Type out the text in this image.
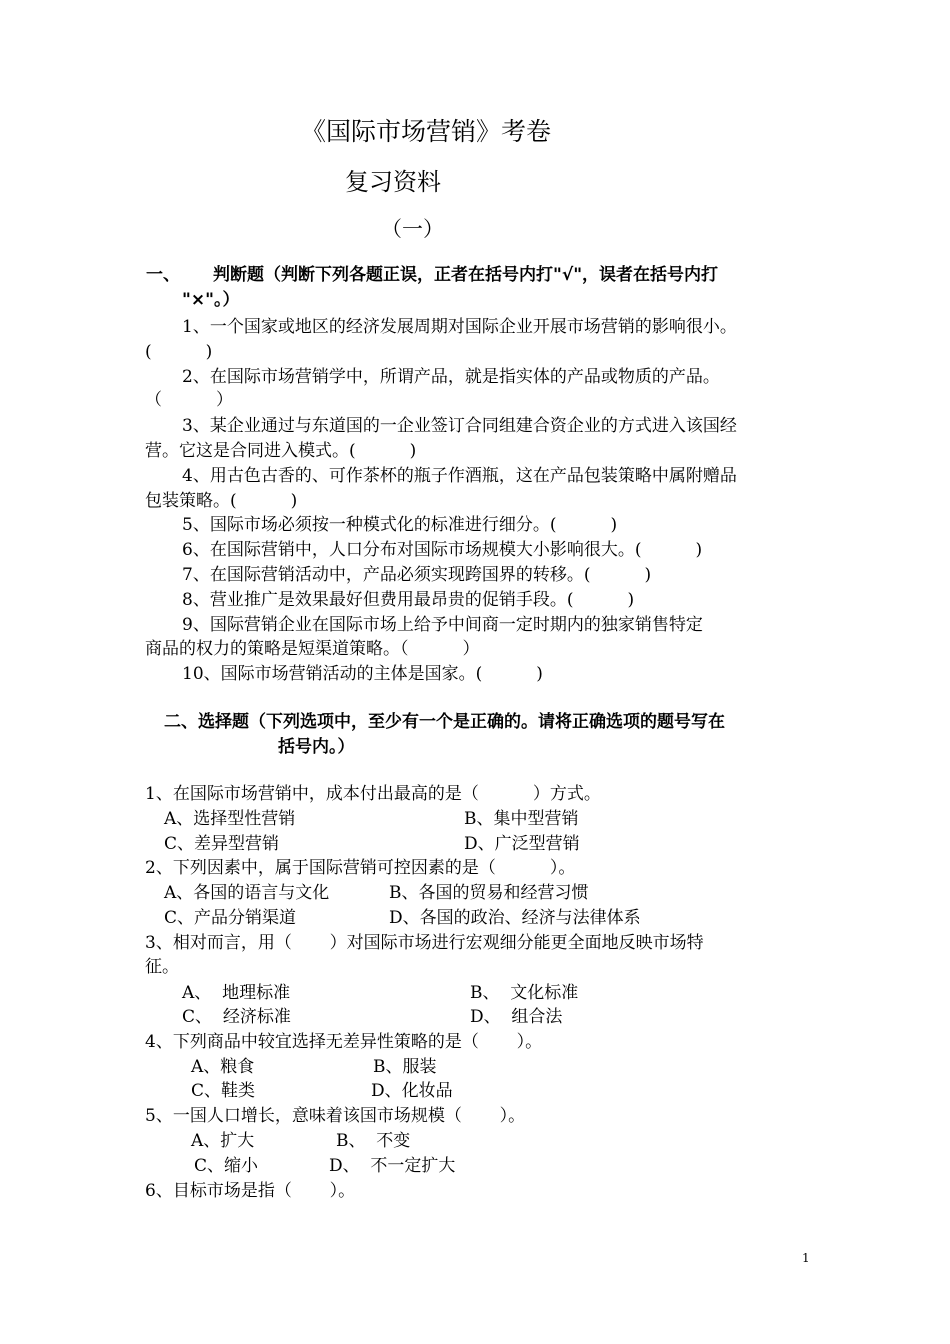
《国际市场营销》考卷
复习资料
（一）
一、 判断题（判断下列各题正误，正者在括号内打"√"，误者在括号内打
"×"。）
1、一个国家或地区的经济发展周期对国际企业开展市场营销的影响很小。
(          )
2、在国际市场营销学中，所谓产品，就是指实体的产品或物质的产品。
（          ）
3、某企业通过与东道国的一企业签订合同组建合资企业的方式进入该国经
营。它这是合同进入模式。(          )
4、用古色古香的、可作茶杯的瓶子作酒瓶，这在产品包装策略中属附赠品
包装策略。(          )
5、国际市场必须按一种模式化的标准进行细分。(          )
6、在国际营销中，人口分布对国际市场规模大小影响很大。(          )
7、在国际营销活动中，产品必须实现跨国界的转移。(          )
8、营业推广是效果最好但费用最昂贵的促销手段。(          )
9、国际营销企业在国际市场上给予中间商一定时期内的独家销售特定
商品的权力的策略是短渠道策略。（          ）
10、国际市场营销活动的主体是国家。(          )
二、选择题（下列选项中，至少有一个是正确的。请将正确选项的题号写在
括号内。）
1、在国际市场营销中，成本付出最高的是（          ）方式。
A、选择型性营销	B、集中型营销
C、差异型营销	D、广泛型营销
2、下列因素中，属于国际营销可控因素的是（          ）。
A、各国的语言与文化	B、各国的贸易和经营习惯
C、产品分销渠道	D、各国的政治、经济与法律体系
3、相对而言，用（       ）对国际市场进行宏观细分能更全面地反映市场特
征。
A、  地理标准	B、  文化标准
C、  经济标准	D、  组合法
4、下列商品中较宜选择无差异性策略的是（       ）。
A、粮食	B、服装
C、鞋类	D、化妆品
5、一国人口增长，意味着该国市场规模（       ）。
A、扩大	B、  不变
C、缩小	D、  不一定扩大
6、目标市场是指（       ）。
1
